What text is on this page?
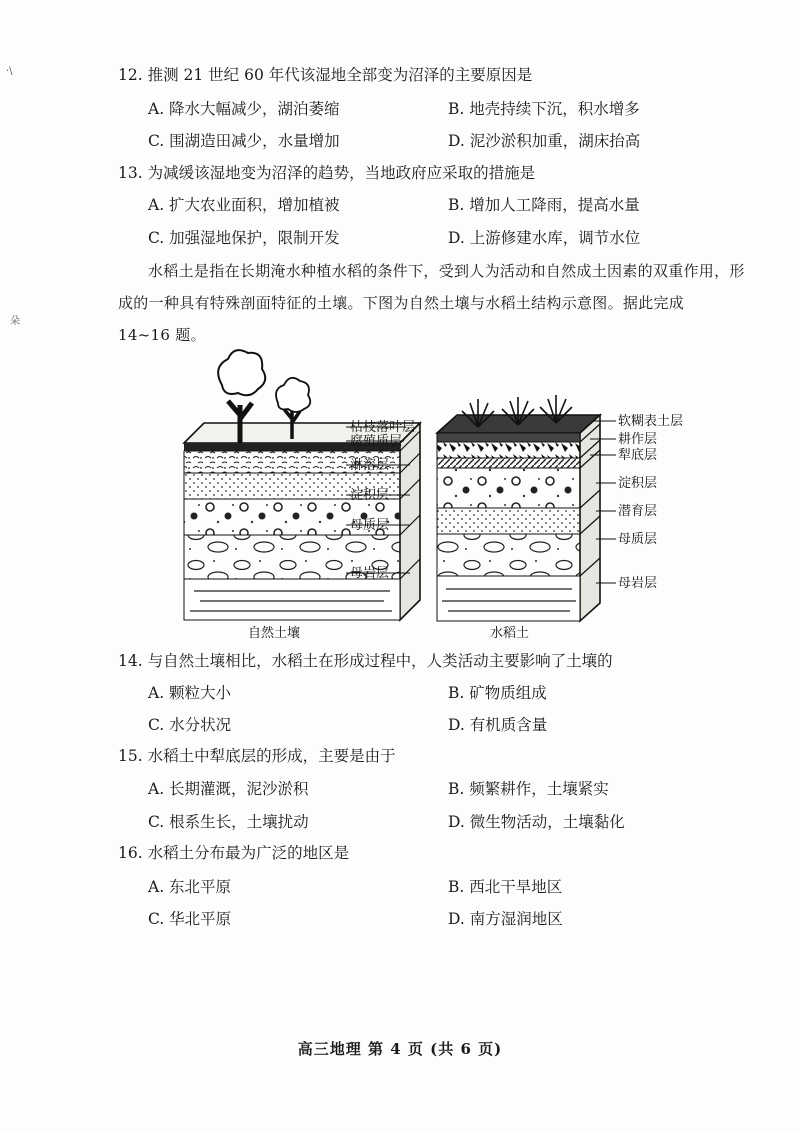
·\
朵
12. 推测 21 世纪 60 年代该湿地全部变为沼泽的主要原因是
A. 降水大幅减少，湖泊萎缩	B. 地壳持续下沉，积水增多
C. 围湖造田减少，水量增加	D. 泥沙淤积加重，湖床抬高
13. 为减缓该湿地变为沼泽的趋势，当地政府应采取的措施是
A. 扩大农业面积，增加植被	B. 增加人工降雨，提高水量
C. 加强湿地保护，限制开发	D. 上游修建水库，调节水位
水稻土是指在长期淹水种植水稻的条件下，受到人为活动和自然成土因素的双重作用，形
成的一种具有特殊剖面特征的土壤。下图为自然土壤与水稻土结构示意图。据此完成
14~16 题。
枯枝落叶层
腐殖质层
淋溶层
淀积层
母质层
母岩层
自然土壤
软糊表土层
耕作层
犁底层
淀积层
潜育层
母质层
母岩层
水稻土
14. 与自然土壤相比，水稻土在形成过程中，人类活动主要影响了土壤的
A. 颗粒大小	B. 矿物质组成
C. 水分状况	D. 有机质含量
15. 水稻土中犁底层的形成，主要是由于
A. 长期灌溉，泥沙淤积	B. 频繁耕作，土壤紧实
C. 根系生长，土壤扰动	D. 微生物活动，土壤黏化
16. 水稻土分布最为广泛的地区是
A. 东北平原	B. 西北干旱地区
C. 华北平原	D. 南方湿润地区
高三地理 第 4 页 (共 6 页)
